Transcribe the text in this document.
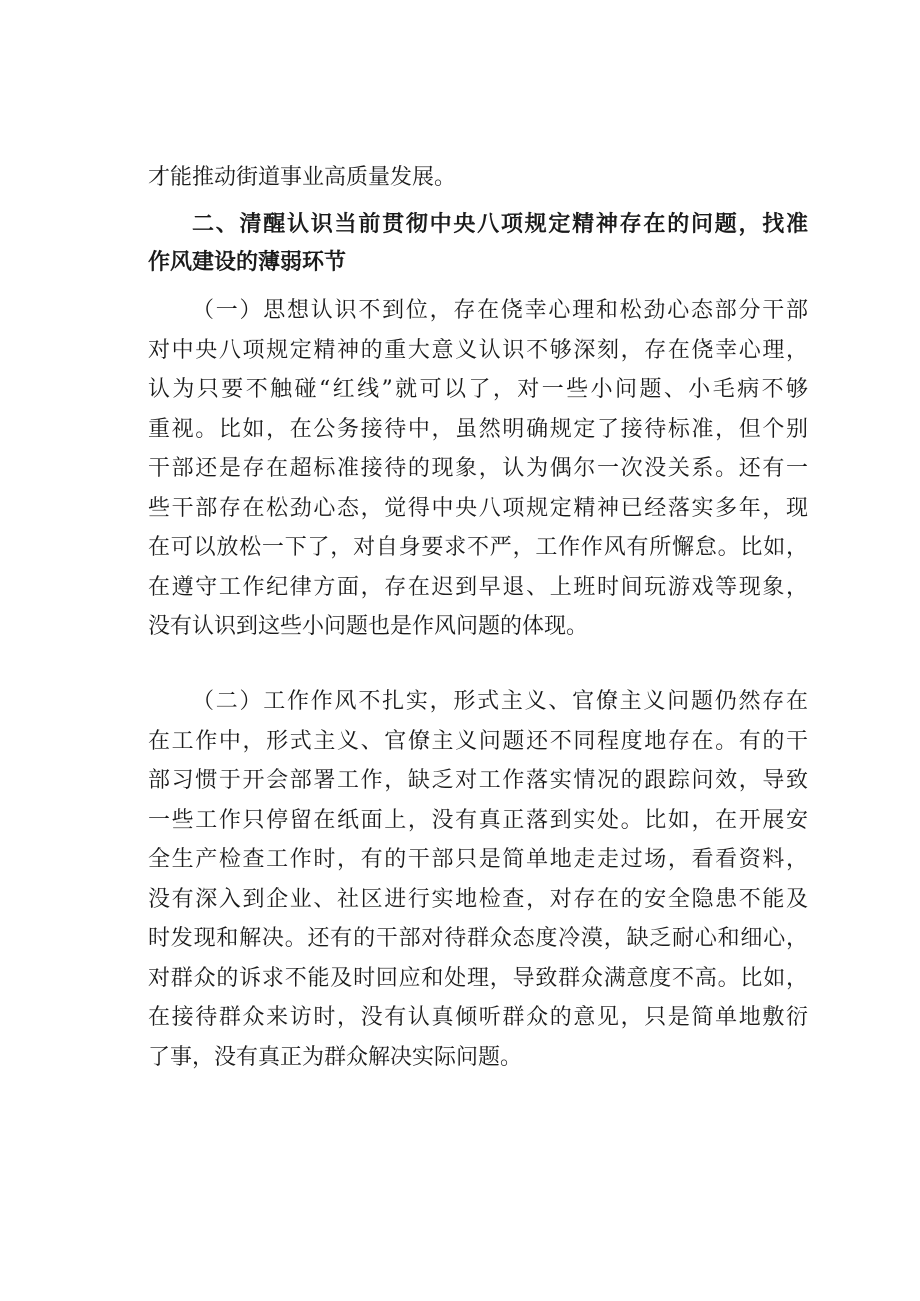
才能推动街道事业高质量发展。
二、清醒认识当前贯彻中央八项规定精神存在的问题，找准
作风建设的薄弱环节
（一）思想认识不到位，存在侥幸心理和松劲心态部分干部
对中央八项规定精神的重大意义认识不够深刻，存在侥幸心理，
认为只要不触碰“红线”就可以了，对一些小问题、小毛病不够
重视。比如，在公务接待中，虽然明确规定了接待标准，但个别
干部还是存在超标准接待的现象，认为偶尔一次没关系。还有一
些干部存在松劲心态，觉得中央八项规定精神已经落实多年，现
在可以放松一下了，对自身要求不严，工作作风有所懈怠。比如，
在遵守工作纪律方面，存在迟到早退、上班时间玩游戏等现象，
没有认识到这些小问题也是作风问题的体现。
（二）工作作风不扎实，形式主义、官僚主义问题仍然存在
在工作中，形式主义、官僚主义问题还不同程度地存在。有的干
部习惯于开会部署工作，缺乏对工作落实情况的跟踪问效，导致
一些工作只停留在纸面上，没有真正落到实处。比如，在开展安
全生产检查工作时，有的干部只是简单地走走过场，看看资料，
没有深入到企业、社区进行实地检查，对存在的安全隐患不能及
时发现和解决。还有的干部对待群众态度冷漠，缺乏耐心和细心，
对群众的诉求不能及时回应和处理，导致群众满意度不高。比如，
在接待群众来访时，没有认真倾听群众的意见，只是简单地敷衍
了事，没有真正为群众解决实际问题。
